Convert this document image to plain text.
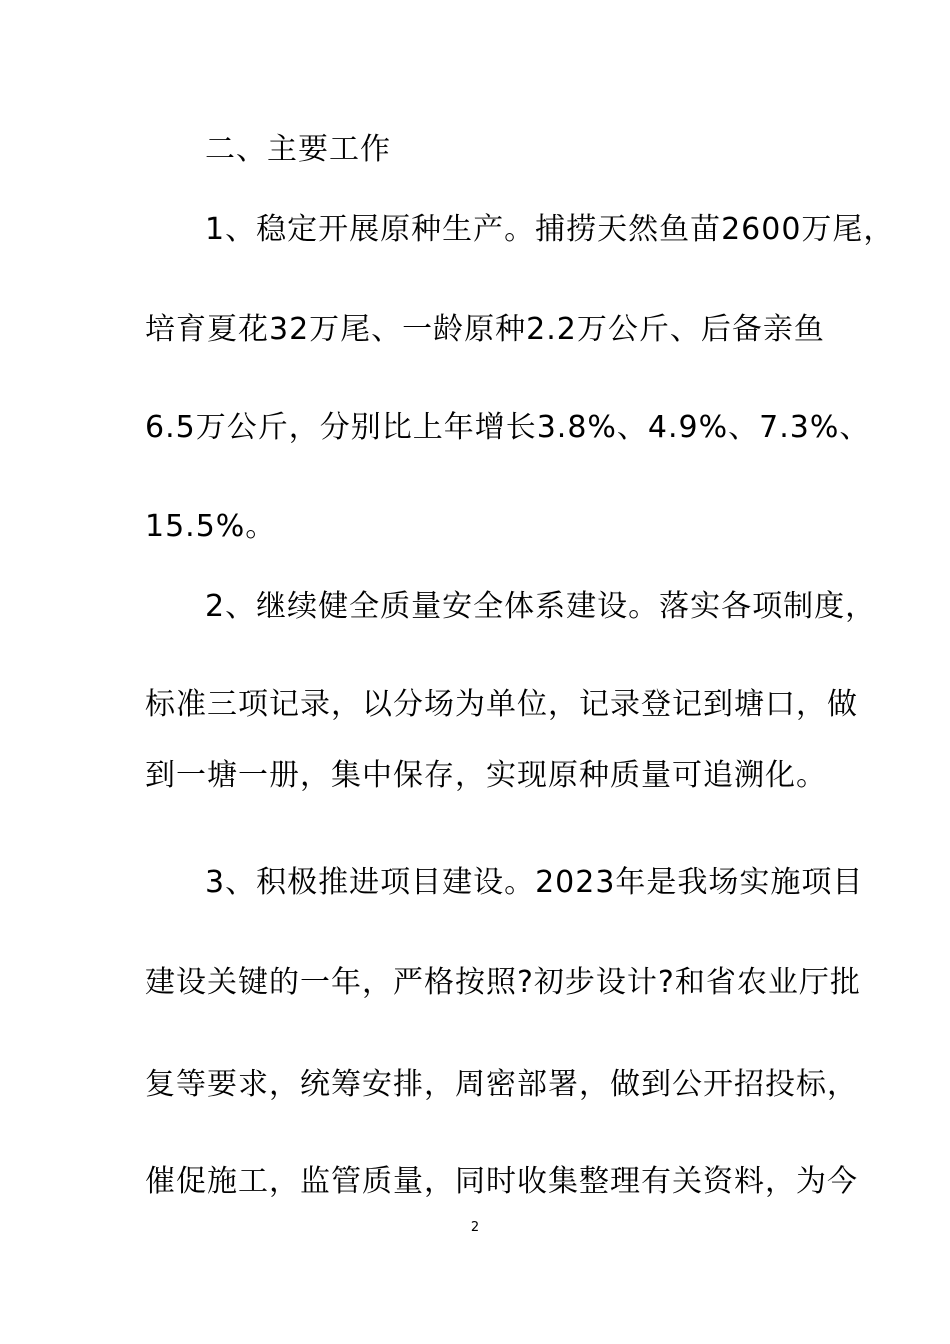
二、主要工作
1、稳定开展原种生产。捕捞天然鱼苗2600万尾，
培育夏花32万尾、一龄原种2.2万公斤、后备亲鱼
6.5万公斤，分别比上年增长3.8%、4.9%、7.3%、
15.5%。
2、继续健全质量安全体系建设。落实各项制度，
标准三项记录，以分场为单位，记录登记到塘口，做
到一塘一册，集中保存，实现原种质量可追溯化。
3、积极推进项目建设。2023年是我场实施项目
建设关键的一年，严格按照?初步设计?和省农业厅批
复等要求，统筹安排，周密部署，做到公开招投标，
催促施工，监管质量，同时收集整理有关资料，为今
2
